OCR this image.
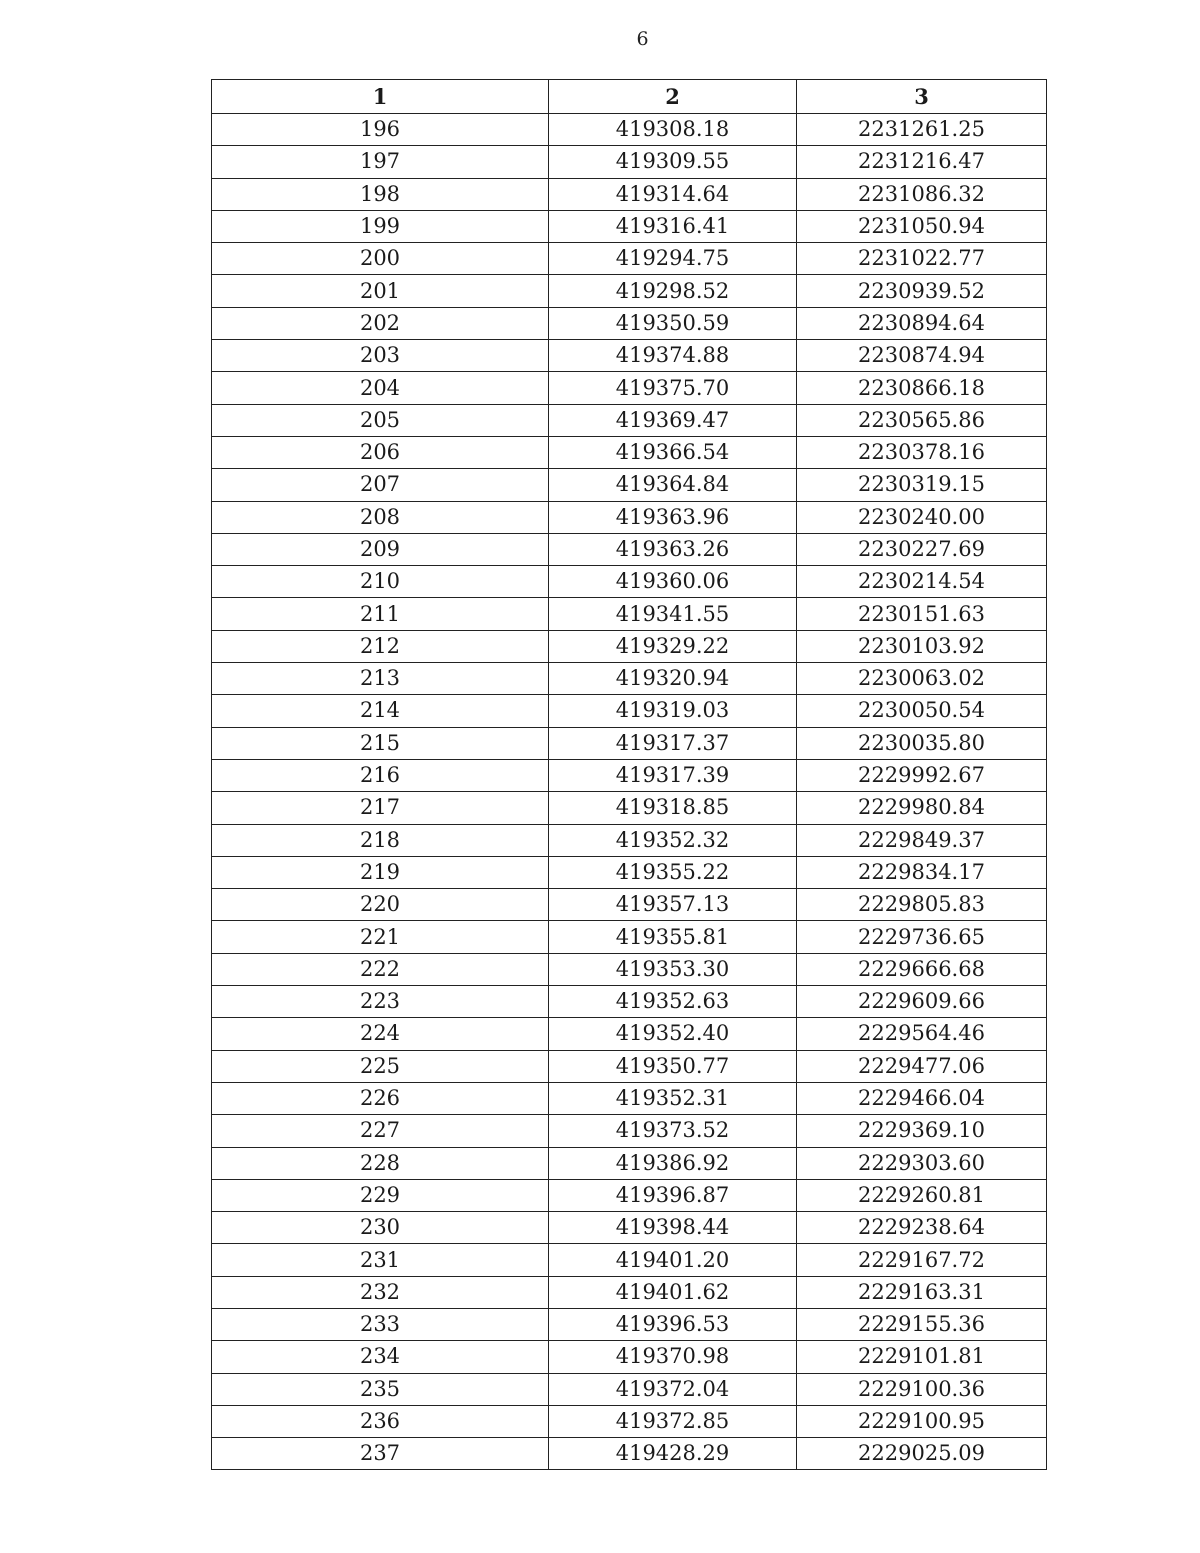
6
1	2	3
196	419308.18	2231261.25
197	419309.55	2231216.47
198	419314.64	2231086.32
199	419316.41	2231050.94
200	419294.75	2231022.77
201	419298.52	2230939.52
202	419350.59	2230894.64
203	419374.88	2230874.94
204	419375.70	2230866.18
205	419369.47	2230565.86
206	419366.54	2230378.16
207	419364.84	2230319.15
208	419363.96	2230240.00
209	419363.26	2230227.69
210	419360.06	2230214.54
211	419341.55	2230151.63
212	419329.22	2230103.92
213	419320.94	2230063.02
214	419319.03	2230050.54
215	419317.37	2230035.80
216	419317.39	2229992.67
217	419318.85	2229980.84
218	419352.32	2229849.37
219	419355.22	2229834.17
220	419357.13	2229805.83
221	419355.81	2229736.65
222	419353.30	2229666.68
223	419352.63	2229609.66
224	419352.40	2229564.46
225	419350.77	2229477.06
226	419352.31	2229466.04
227	419373.52	2229369.10
228	419386.92	2229303.60
229	419396.87	2229260.81
230	419398.44	2229238.64
231	419401.20	2229167.72
232	419401.62	2229163.31
233	419396.53	2229155.36
234	419370.98	2229101.81
235	419372.04	2229100.36
236	419372.85	2229100.95
237	419428.29	2229025.09
